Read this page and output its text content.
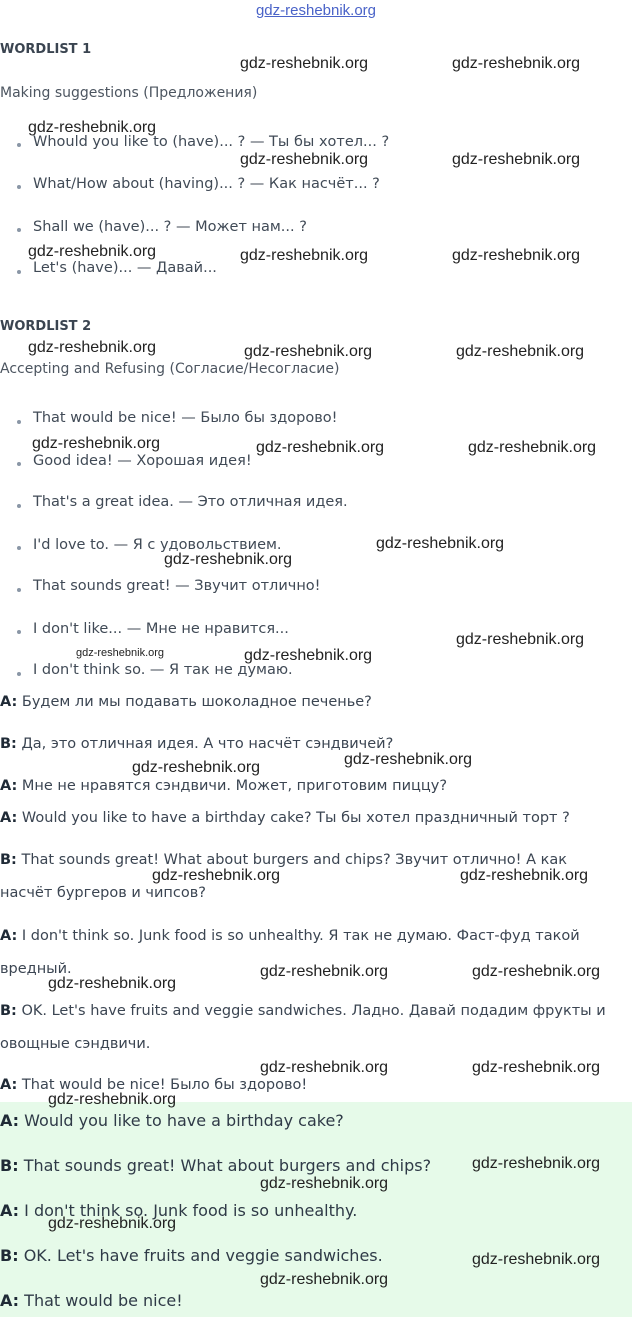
gdz-reshebnik.org
WORDLIST 1
Making suggestions (Предложения)
Whould you like to (have)... ? — Ты бы хотел... ?
What/How about (having)... ? — Как насчёт... ?
Shall we (have)... ? — Может нам... ?
Let's (have)... — Давай...
WORDLIST 2
Accepting and Refusing (Согласие/Несогласие)
That would be nice! — Было бы здорово!
Good idea! — Хорошая идея!
That's a great idea. — Это отличная идея.
I'd love to. — Я с удовольствием.
That sounds great! — Звучит отлично!
I don't like... — Мне не нравится...
I don't think so. — Я так не думаю.
A: Будем ли мы подавать шоколадное печенье?
B: Да, это отличная идея. А что насчёт сэндвичей?
A: Мне не нравятся сэндвичи. Может, приготовим пиццу?
A: Would you like to have a birthday cake? Ты бы хотел праздничный торт ?
B: That sounds great! What about burgers and chips? Звучит отлично! А как
насчёт бургеров и чипсов?
A: I don't think so. Junk food is so unhealthy. Я так не думаю. Фаст-фуд такой
вредный.
B: OK. Let's have fruits and veggie sandwiches. Ладно. Давай подадим фрукты и
овощные сэндвичи.
A: That would be nice! Было бы здорово!
A: Would you like to have a birthday cake?
B: That sounds great! What about burgers and chips?
A: I don't think so. Junk food is so unhealthy.
B: OK. Let's have fruits and veggie sandwiches.
A: That would be nice!
gdz-reshebnik.org	gdz-reshebnik.org
gdz-reshebnik.org
gdz-reshebnik.org	gdz-reshebnik.org
gdz-reshebnik.org	gdz-reshebnik.org	gdz-reshebnik.org
gdz-reshebnik.org	gdz-reshebnik.org	gdz-reshebnik.org
gdz-reshebnik.org	gdz-reshebnik.org	gdz-reshebnik.org
gdz-reshebnik.org
gdz-reshebnik.org
gdz-reshebnik.org
gdz-reshebnik.org	gdz-reshebnik.org
gdz-reshebnik.org
gdz-reshebnik.org
gdz-reshebnik.org	gdz-reshebnik.org
gdz-reshebnik.org	gdz-reshebnik.org
gdz-reshebnik.org
gdz-reshebnik.org	gdz-reshebnik.org
gdz-reshebnik.org
gdz-reshebnik.org
gdz-reshebnik.org
gdz-reshebnik.org
gdz-reshebnik.org
gdz-reshebnik.org
